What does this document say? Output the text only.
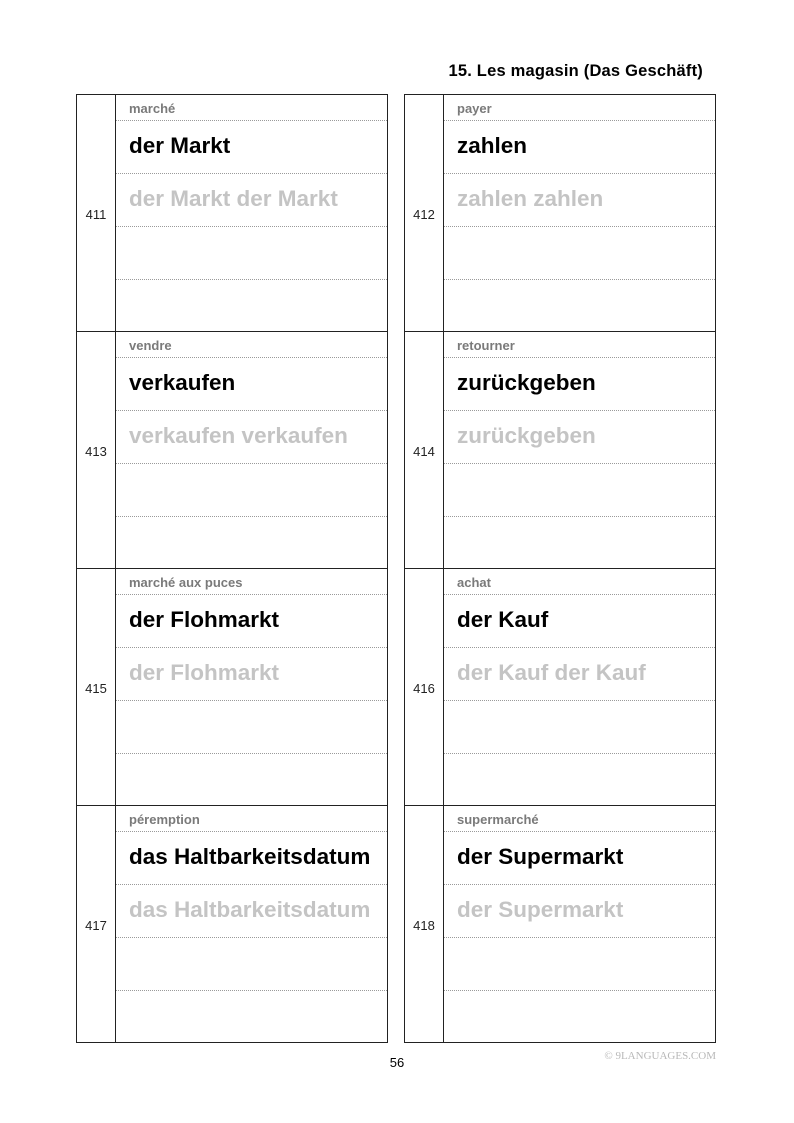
15. Les magasin (Das Geschäft)
411
marché
der Markt
der Markt der Markt
413
vendre
verkaufen
verkaufen verkaufen
415
marché aux puces
der Flohmarkt
der Flohmarkt
417
péremption
das Haltbarkeitsdatum
das Haltbarkeitsdatum
412
payer
zahlen
zahlen zahlen
414
retourner
zurückgeben
zurückgeben
416
achat
der Kauf
der Kauf der Kauf
418
supermarché
der Supermarkt
der Supermarkt
56	© 9LANGUAGES.COM
